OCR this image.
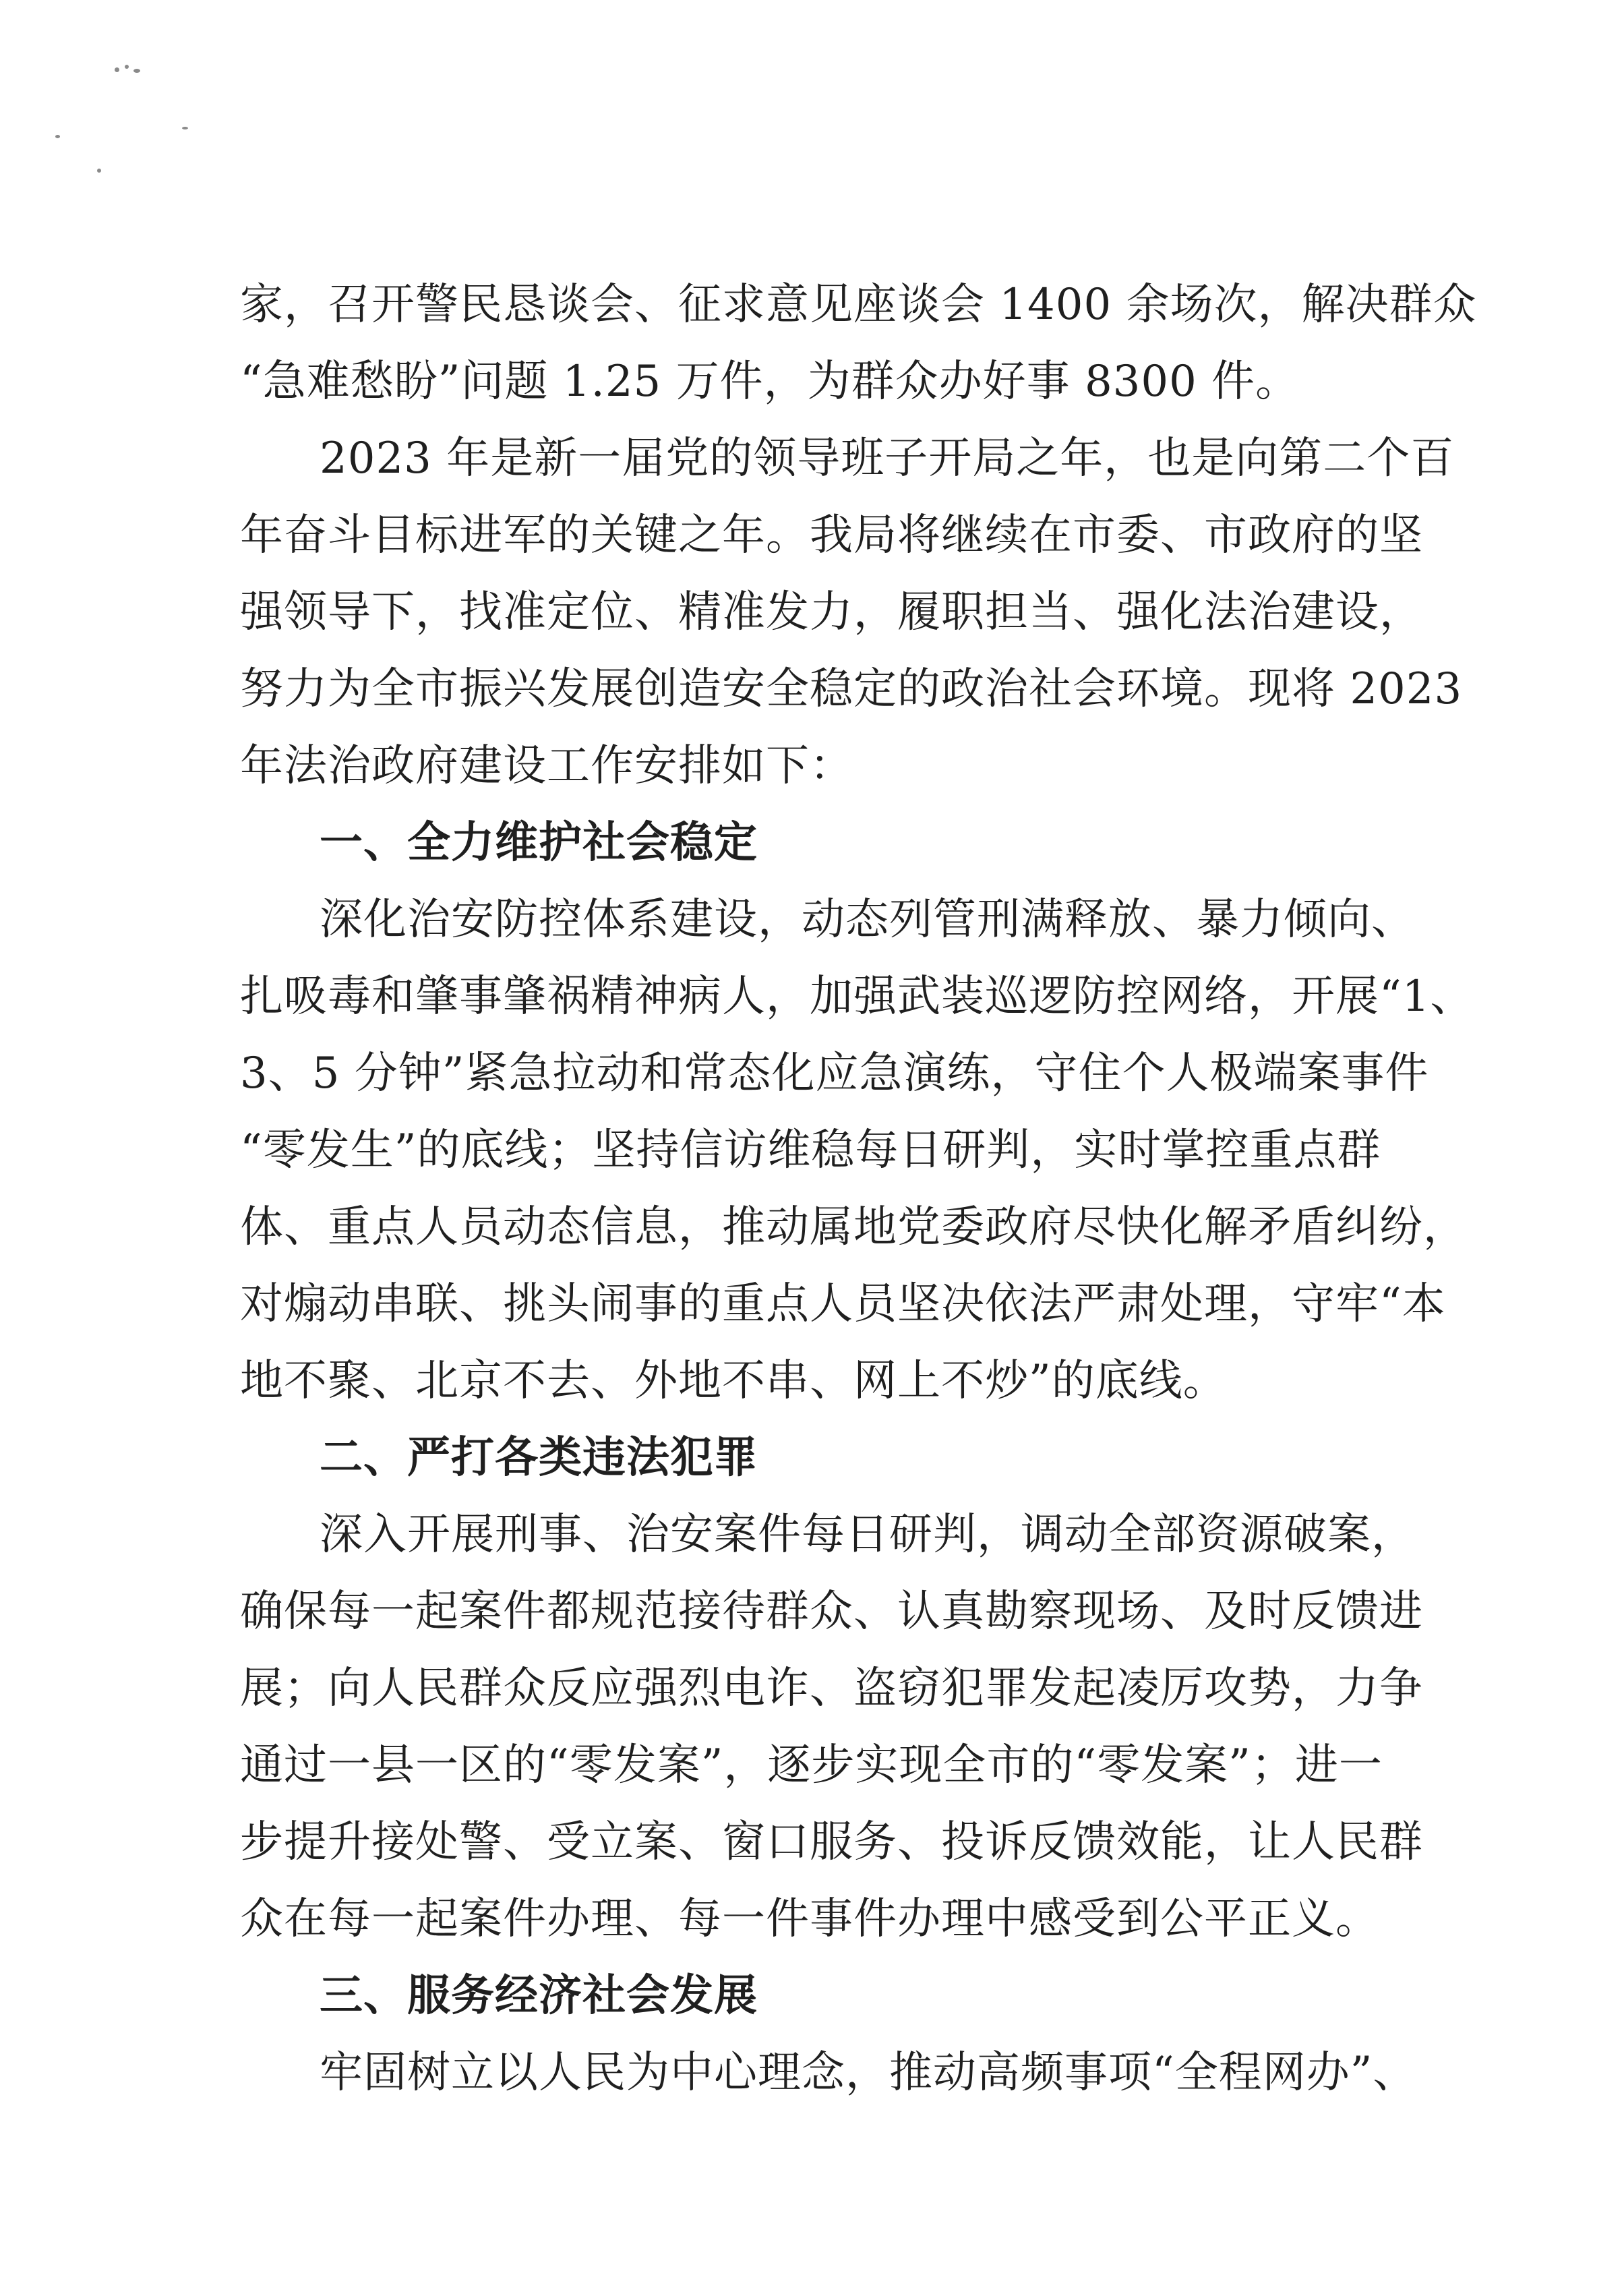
家，召开警民恳谈会、征求意见座谈会 1400 余场次，解决群众
“急难愁盼”问题 1.25 万件，为群众办好事 8300 件。
2023 年是新一届党的领导班子开局之年，也是向第二个百
年奋斗目标进军的关键之年。我局将继续在市委、市政府的坚
强领导下，找准定位、精准发力，履职担当、强化法治建设，
努力为全市振兴发展创造安全稳定的政治社会环境。现将 2023
年法治政府建设工作安排如下：
一、全力维护社会稳定
深化治安防控体系建设，动态列管刑满释放、暴力倾向、
扎吸毒和肇事肇祸精神病人，加强武装巡逻防控网络，开展“1、
3、5 分钟”紧急拉动和常态化应急演练，守住个人极端案事件
“零发生”的底线；坚持信访维稳每日研判，实时掌控重点群
体、重点人员动态信息，推动属地党委政府尽快化解矛盾纠纷，
对煽动串联、挑头闹事的重点人员坚决依法严肃处理，守牢“本
地不聚、北京不去、外地不串、网上不炒”的底线。
二、严打各类违法犯罪
深入开展刑事、治安案件每日研判，调动全部资源破案，
确保每一起案件都规范接待群众、认真勘察现场、及时反馈进
展；向人民群众反应强烈电诈、盗窃犯罪发起凌厉攻势，力争
通过一县一区的“零发案”，逐步实现全市的“零发案”；进一
步提升接处警、受立案、窗口服务、投诉反馈效能，让人民群
众在每一起案件办理、每一件事件办理中感受到公平正义。
三、服务经济社会发展
牢固树立以人民为中心理念，推动高频事项“全程网办”、
